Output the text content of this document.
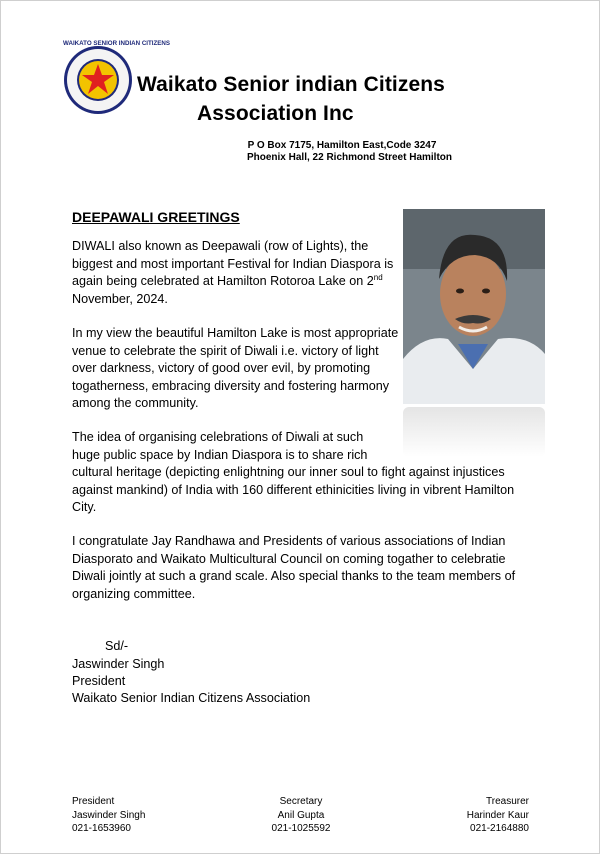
WAIKATO SENIOR INDIAN CITIZENS
Waikato Senior indian Citizens
Association Inc
P O Box 7175, Hamilton East,Code 3247
Phoenix Hall, 22 Richmond Street Hamilton
DEEPAWALI GREETINGS
DIWALI also known as Deepawali (row of Lights), the biggest and most important Festival for Indian Diaspora is again being celebrated at Hamilton Rotoroa Lake on 2nd November, 2024.
In my view the beautiful Hamilton Lake is most appropriate venue to celebrate the spirit of Diwali i.e. victory of light over darkness, victory of good over evil, by promoting togatherness, embracing diversity and fostering harmony among the community.
The idea of organising celebrations of Diwali at such
huge public space by Indian Diaspora is to share rich
cultural heritage (depicting enlightning our inner soul to fight against injustices against mankind) of India with 160 different ethinicities living in vibrent Hamilton City.
I congratulate Jay Randhawa and Presidents of various associations of Indian Diasporato and Waikato Multicultural Council on coming togather to celebratie Diwali jointly at such a grand scale. Also special thanks to the team members of organizing committee.
Sd/-
Jaswinder Singh
President
Waikato Senior Indian Citizens Association
President
Jaswinder Singh
021-1653960
Secretary
Anil Gupta
021-1025592
Treasurer
Harinder Kaur
021-2164880
